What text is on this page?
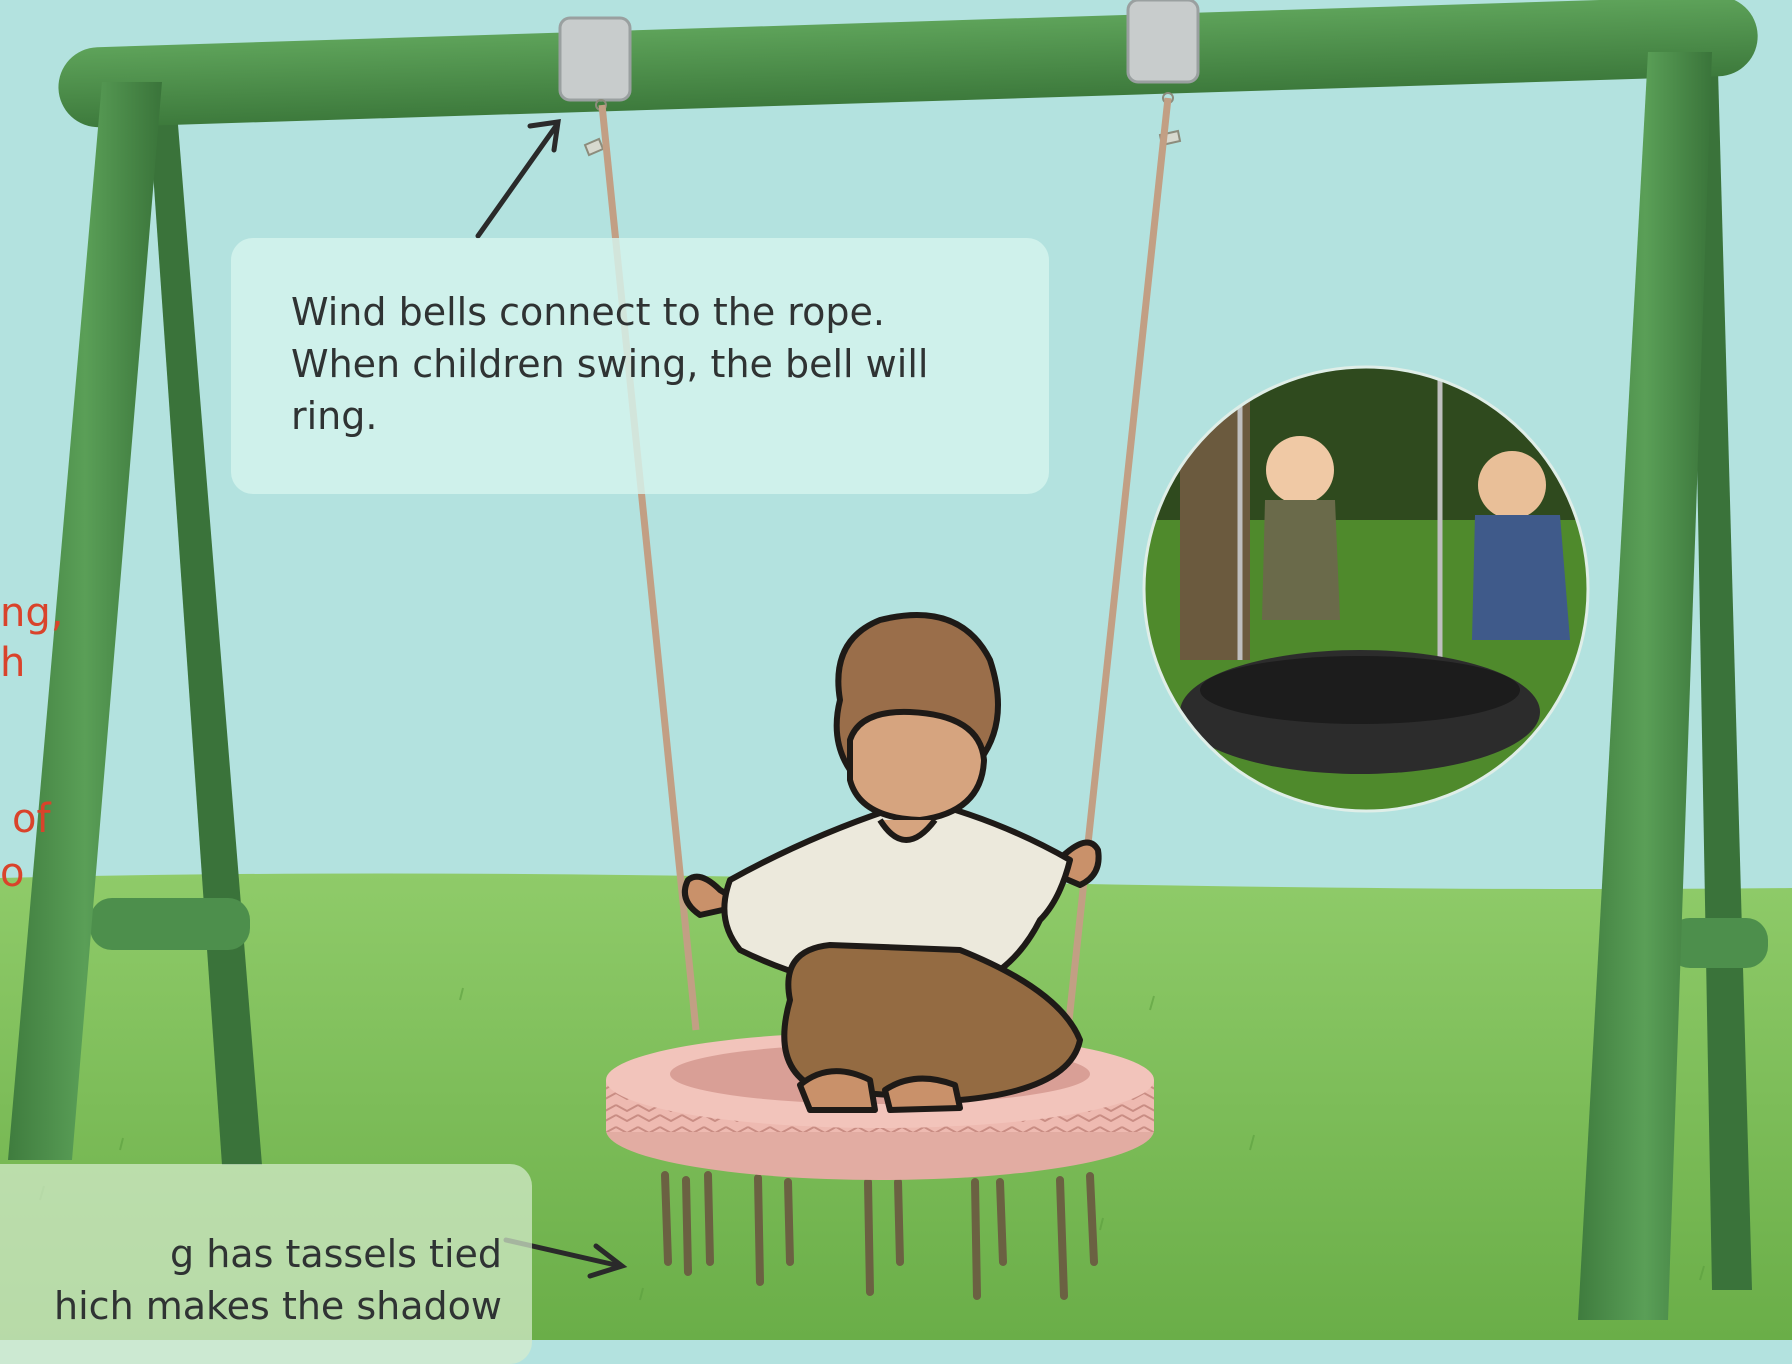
ng,
h
of
o
Wind bells connect to the rope. When children swing, the bell will ring.
g has tassels tied
hich makes the shadow
